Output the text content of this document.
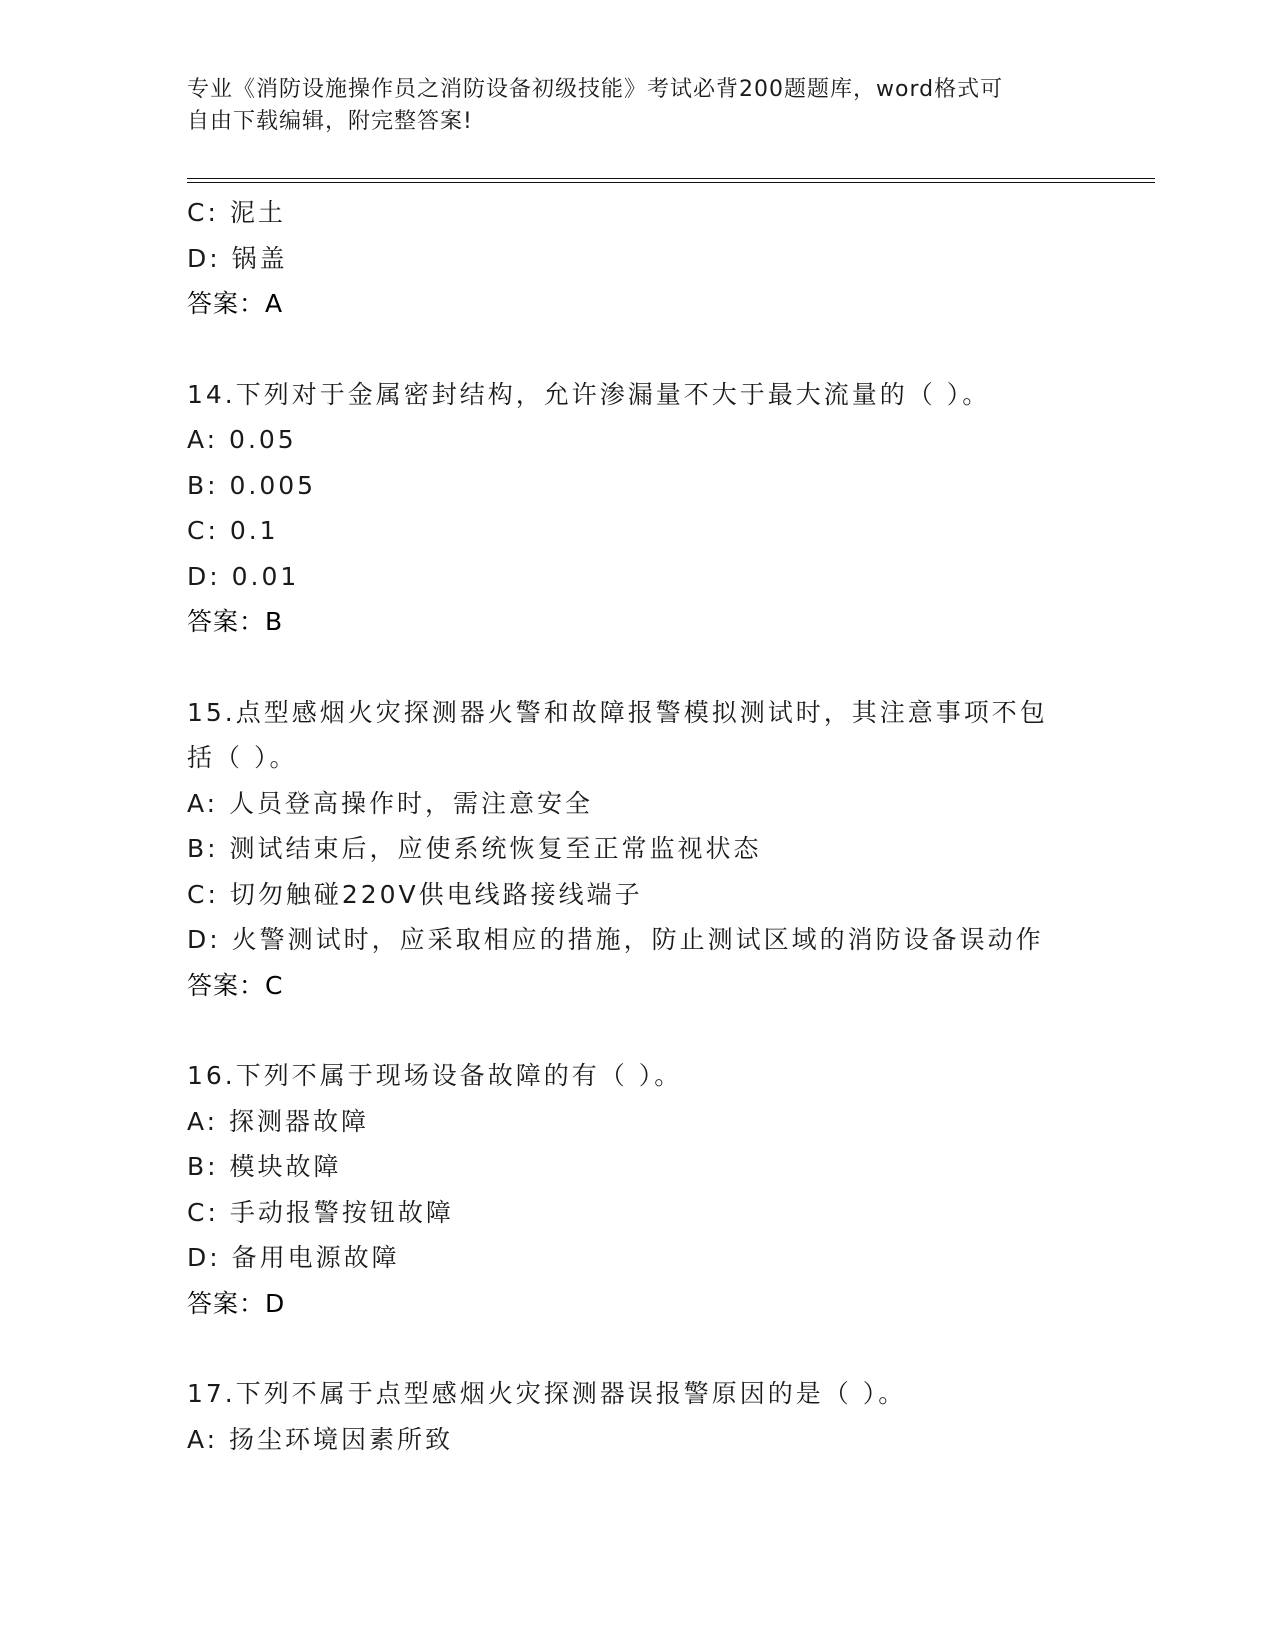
专业《消防设施操作员之消防设备初级技能》考试必背200题题库，word格式可
自由下载编辑，附完整答案!
C: 泥土
D: 锅盖
答案：A
14.下列对于金属密封结构，允许渗漏量不大于最大流量的（ ）。
A: 0.05
B: 0.005
C: 0.1
D: 0.01
答案：B
15.点型感烟火灾探测器火警和故障报警模拟测试时，其注意事项不包
括（ ）。
A: 人员登高操作时，需注意安全
B: 测试结束后，应使系统恢复至正常监视状态
C: 切勿触碰220V供电线路接线端子
D: 火警测试时，应采取相应的措施，防止测试区域的消防设备误动作
答案：C
16.下列不属于现场设备故障的有（ ）。
A: 探测器故障
B: 模块故障
C: 手动报警按钮故障
D: 备用电源故障
答案：D
17.下列不属于点型感烟火灾探测器误报警原因的是（ ）。
A: 扬尘环境因素所致
